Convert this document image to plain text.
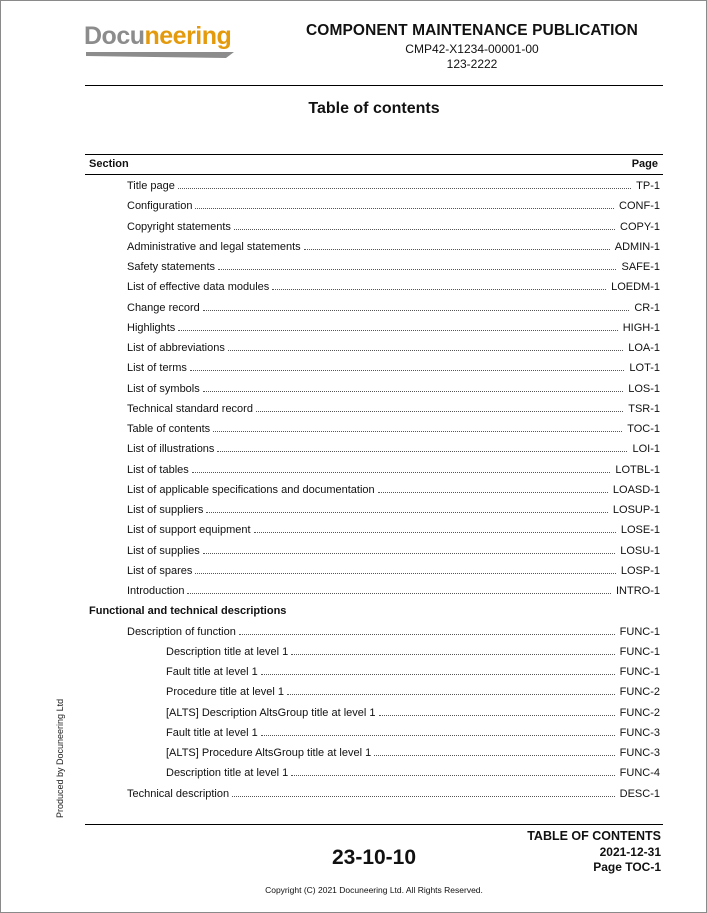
Docuneering	COMPONENT MAINTENANCE PUBLICATION
CMP42-X1234-00001-00
123-2222
Table of contents
Section	Page
Title page	TP-1
Configuration	CONF-1
Copyright statements	COPY-1
Administrative and legal statements	ADMIN-1
Safety statements	SAFE-1
List of effective data modules	LOEDM-1
Change record	CR-1
Highlights	HIGH-1
List of abbreviations	LOA-1
List of terms	LOT-1
List of symbols	LOS-1
Technical standard record	TSR-1
Table of contents	TOC-1
List of illustrations	LOI-1
List of tables	LOTBL-1
List of applicable specifications and documentation	LOASD-1
List of suppliers	LOSUP-1
List of support equipment	LOSE-1
List of supplies	LOSU-1
List of spares	LOSP-1
Introduction	INTRO-1
Functional and technical descriptions
Description of function	FUNC-1
Description title at level 1	FUNC-1
Fault title at level 1	FUNC-1
Procedure title at level 1	FUNC-2
[ALTS] Description AltsGroup title at level 1	FUNC-2
Fault title at level 1	FUNC-3
[ALTS] Procedure AltsGroup title at level 1	FUNC-3
Description title at level 1	FUNC-4
Technical description	DESC-1
Produced by Docuneering Ltd
23-10-10
TABLE OF CONTENTS
2021-12-31
Page TOC-1
Copyright (C) 2021 Docuneering Ltd. All Rights Reserved.
